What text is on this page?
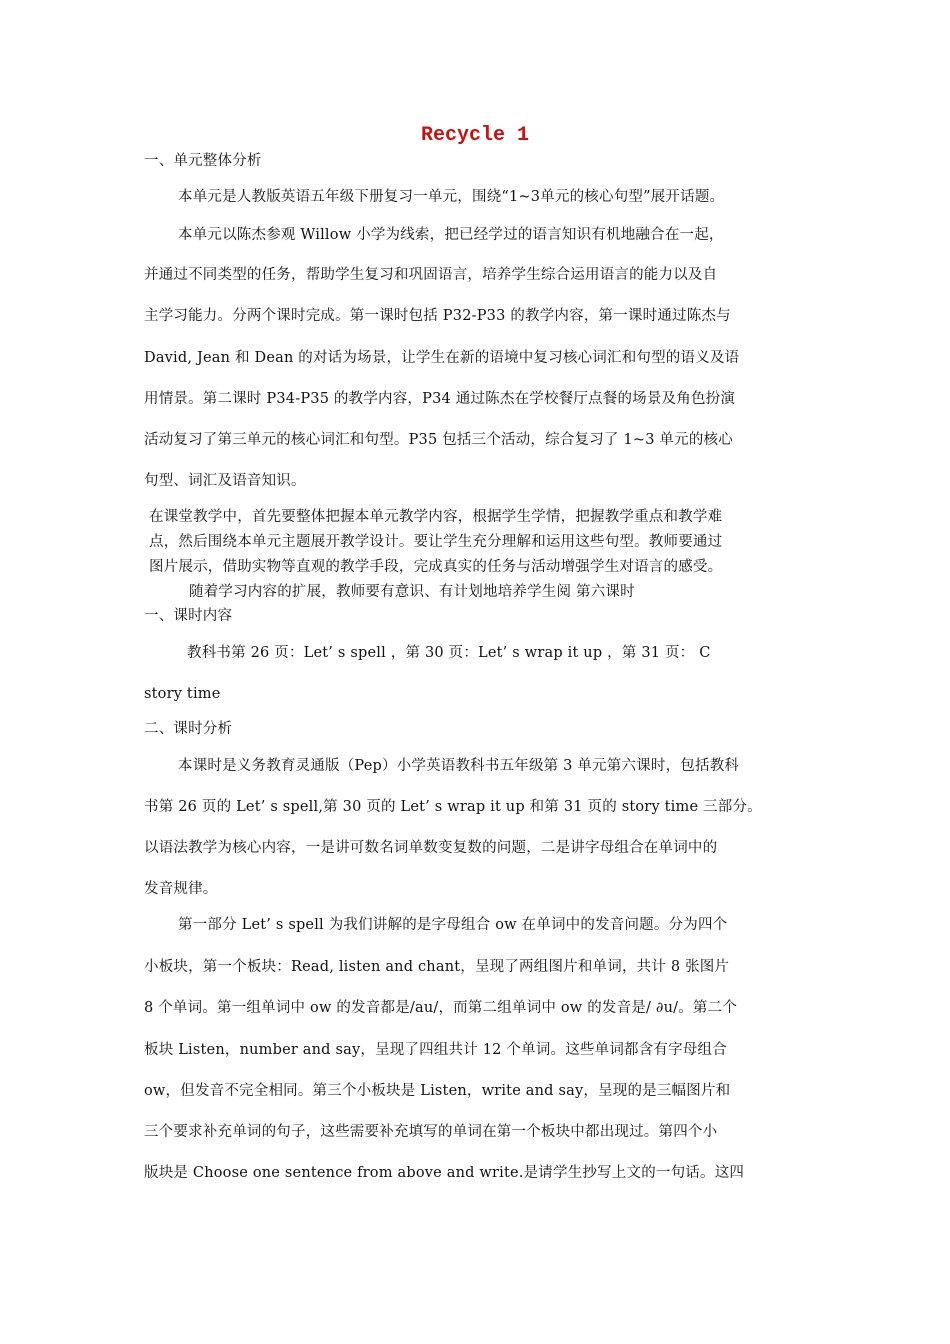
Recycle 1
一、单元整体分析
本单元是人教版英语五年级下册复习一单元，围绕“1~3单元的核心句型”展开话题。
本单元以陈杰参观 Willow 小学为线索，把已经学过的语言知识有机地融合在一起，
并通过不同类型的任务，帮助学生复习和巩固语言，培养学生综合运用语言的能力以及自
主学习能力。分两个课时完成。第一课时包括 P32-P33 的教学内容，第一课时通过陈杰与
David, Jean 和 Dean 的对话为场景，让学生在新的语境中复习核心词汇和句型的语义及语
用情景。第二课时 P34-P35 的教学内容，P34 通过陈杰在学校餐厅点餐的场景及角色扮演
活动复习了第三单元的核心词汇和句型。P35 包括三个活动，综合复习了 1~3 单元的核心
句型、词汇及语音知识。
在课堂教学中，首先要整体把握本单元教学内容，根据学生学情，把握教学重点和教学难
点，然后围绕本单元主题展开教学设计。要让学生充分理解和运用这些句型。教师要通过
图片展示，借助实物等直观的教学手段，完成真实的任务与活动增强学生对语言的感受。
随着学习内容的扩展，教师要有意识、有计划地培养学生阅 第六课时
一、课时内容
教科书第 26 页：Let’ s spell ，第 30 页：Let’ s wrap it up ，第 31 页： C
story time
二、课时分析
本课时是义务教育灵通版（Pep）小学英语教科书五年级第 3 单元第六课时，包括教科
书第 26 页的 Let’ s spell,第 30 页的 Let’ s wrap it up 和第 31 页的 story time 三部分。
以语法教学为核心内容，一是讲可数名词单数变复数的问题，二是讲字母组合在单词中的
发音规律。
第一部分 Let’ s spell 为我们讲解的是字母组合 ow 在单词中的发音问题。分为四个
小板块，第一个板块：Read, listen and chant，呈现了两组图片和单词，共计 8 张图片
8 个单词。第一组单词中 ow 的发音都是/au/，而第二组单词中 ow 的发音是/ ∂u/。第二个
板块 Listen，number and say，呈现了四组共计 12 个单词。这些单词都含有字母组合
ow，但发音不完全相同。第三个小板块是 Listen，write and say，呈现的是三幅图片和
三个要求补充单词的句子，这些需要补充填写的单词在第一个板块中都出现过。第四个小
版块是 Choose one sentence from above and write.是请学生抄写上文的一句话。这四
